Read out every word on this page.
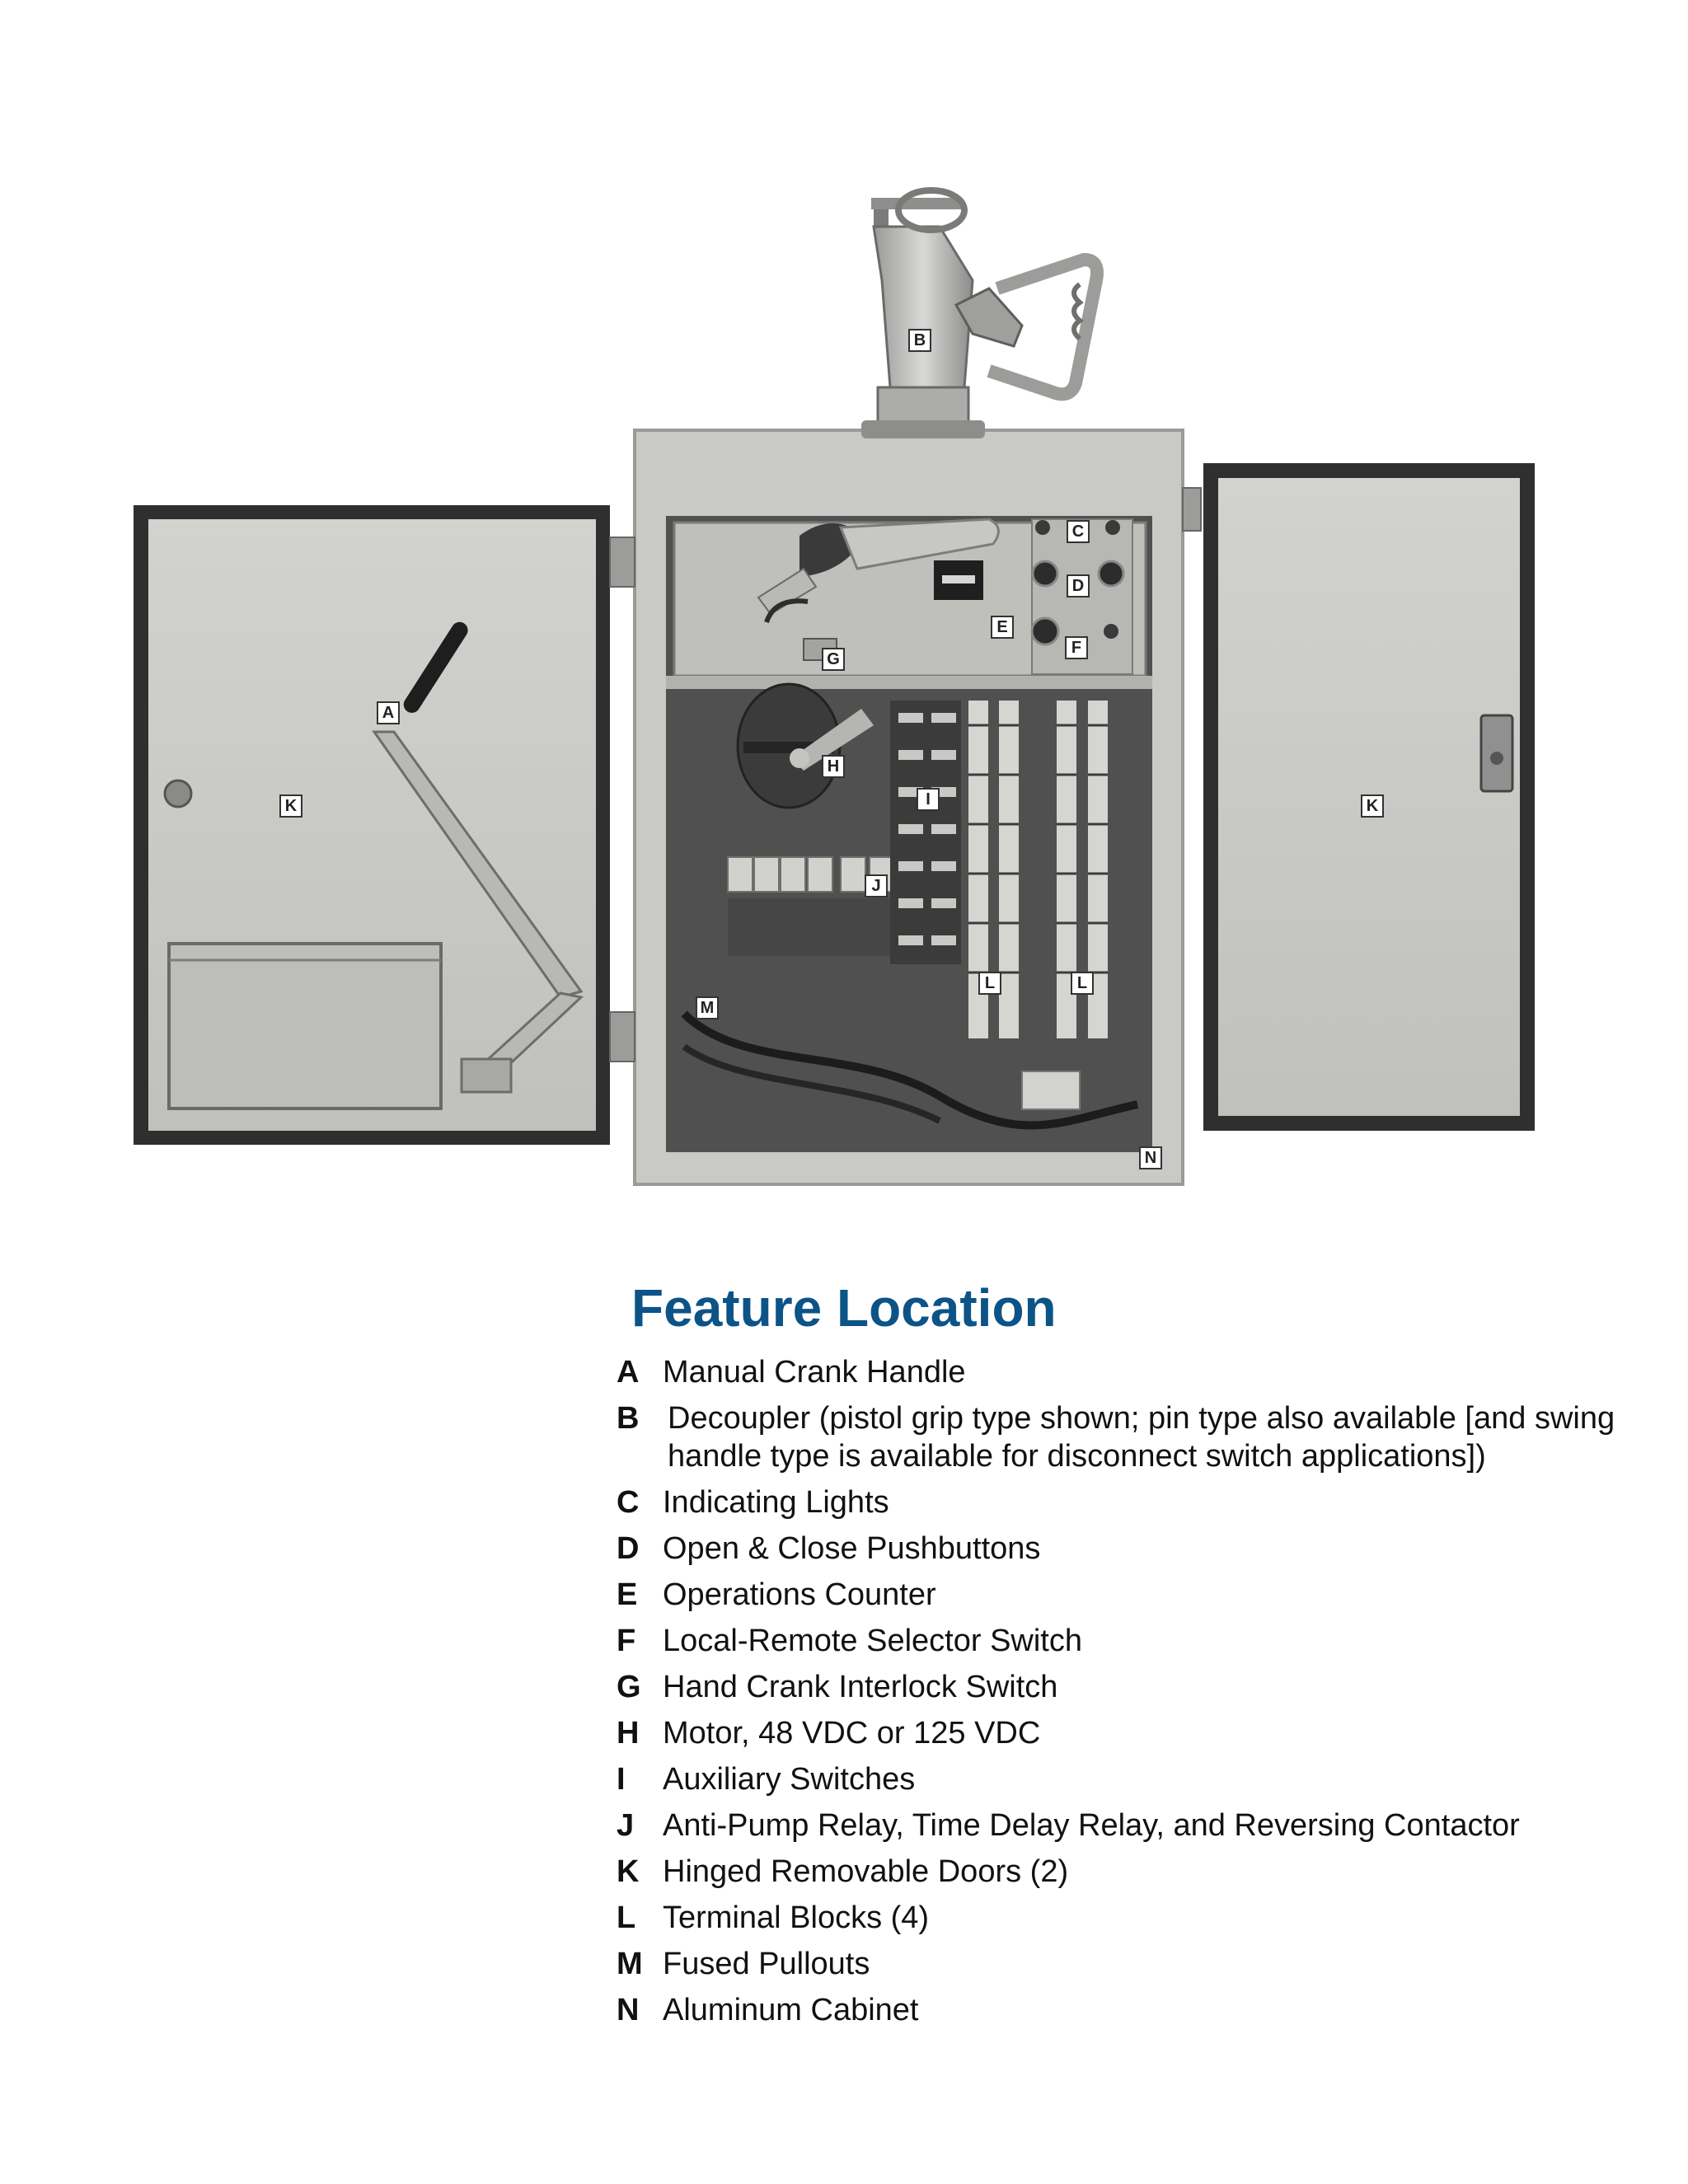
A
B
C
D
E
F
G
H
I
J
K	K
L	L
M
N
Feature Location
A Manual Crank Handle
B Decoupler (pistol grip type shown; pin type also available [and swing handle type is available for disconnect switch applications])
C Indicating Lights
D Open & Close Pushbuttons
E Operations Counter
F Local-Remote Selector Switch
G Hand Crank Interlock Switch
H Motor, 48 VDC or 125 VDC
I	Auxiliary Switches
J Anti-Pump Relay, Time Delay Relay, and Reversing Contactor
K Hinged Removable Doors (2)
L Terminal Blocks (4)
M Fused Pullouts
N Aluminum Cabinet
